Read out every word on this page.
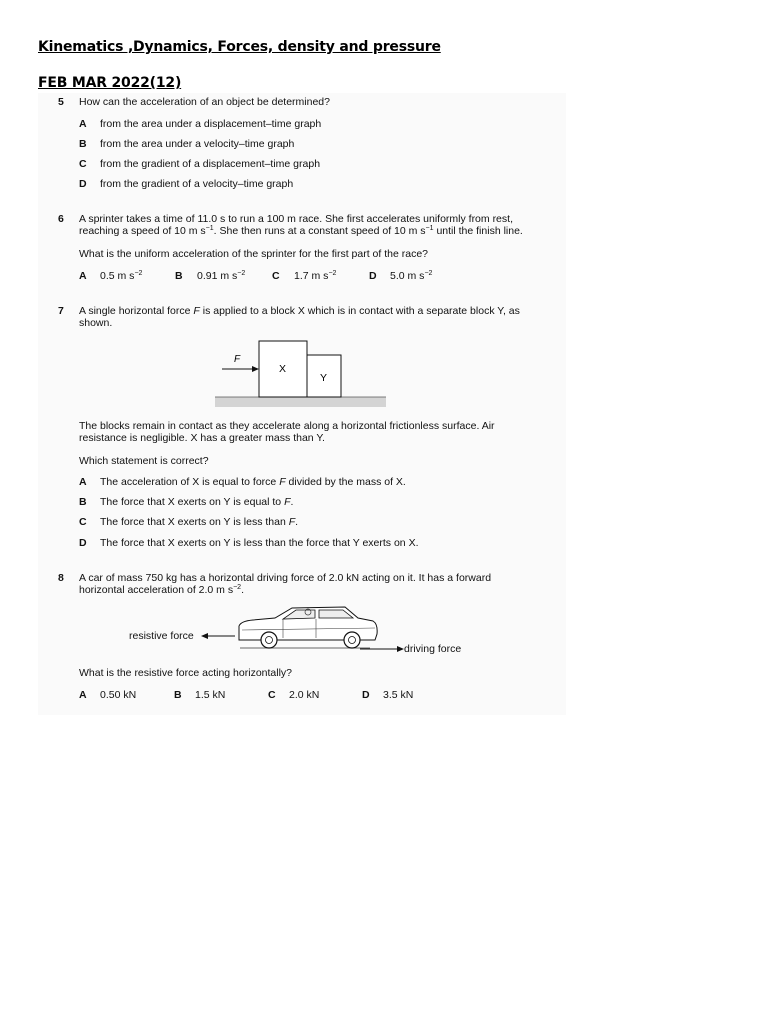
Kinematics ,Dynamics, Forces, density and pressure
FEB MAR 2022(12)
5 How can the acceleration of an object be determined?
A from the area under a displacement–time graph
B from the area under a velocity–time graph
C from the gradient of a displacement–time graph
D from the gradient of a velocity–time graph
6 A sprinter takes a time of 11.0 s to run a 100 m race. She first accelerates uniformly from rest,
reaching a speed of 10 m $s^{-1}$. She then runs at a constant speed of 10 m $s^{-1}$ until the finish line.
What is the uniform acceleration of the sprinter for the first part of the race?
A 0.5 m $s^{-2}$	B 0.91 m $s^{-2}$	C 1.7 m $s^{-2}$	D 5.0 m $s^{-2}$
7 A single horizontal force F is applied to a block X which is in contact with a separate block Y, as
shown.
F
X
Y
The blocks remain in contact as they accelerate along a horizontal frictionless surface. Air
resistance is negligible. X has a greater mass than Y.
Which statement is correct?
A The acceleration of X is equal to force F divided by the mass of X.
B The force that X exerts on Y is equal to F.
C The force that X exerts on Y is less than F.
D The force that X exerts on Y is less than the force that Y exerts on X.
8 A car of mass 750 kg has a horizontal driving force of 2.0 kN acting on it. It has a forward
horizontal acceleration of 2.0 m $s^{-2}$.
resistive force
driving force
What is the resistive force acting horizontally?
A 0.50 kN	B 1.5 kN	C 2.0 kN	D 3.5 kN
